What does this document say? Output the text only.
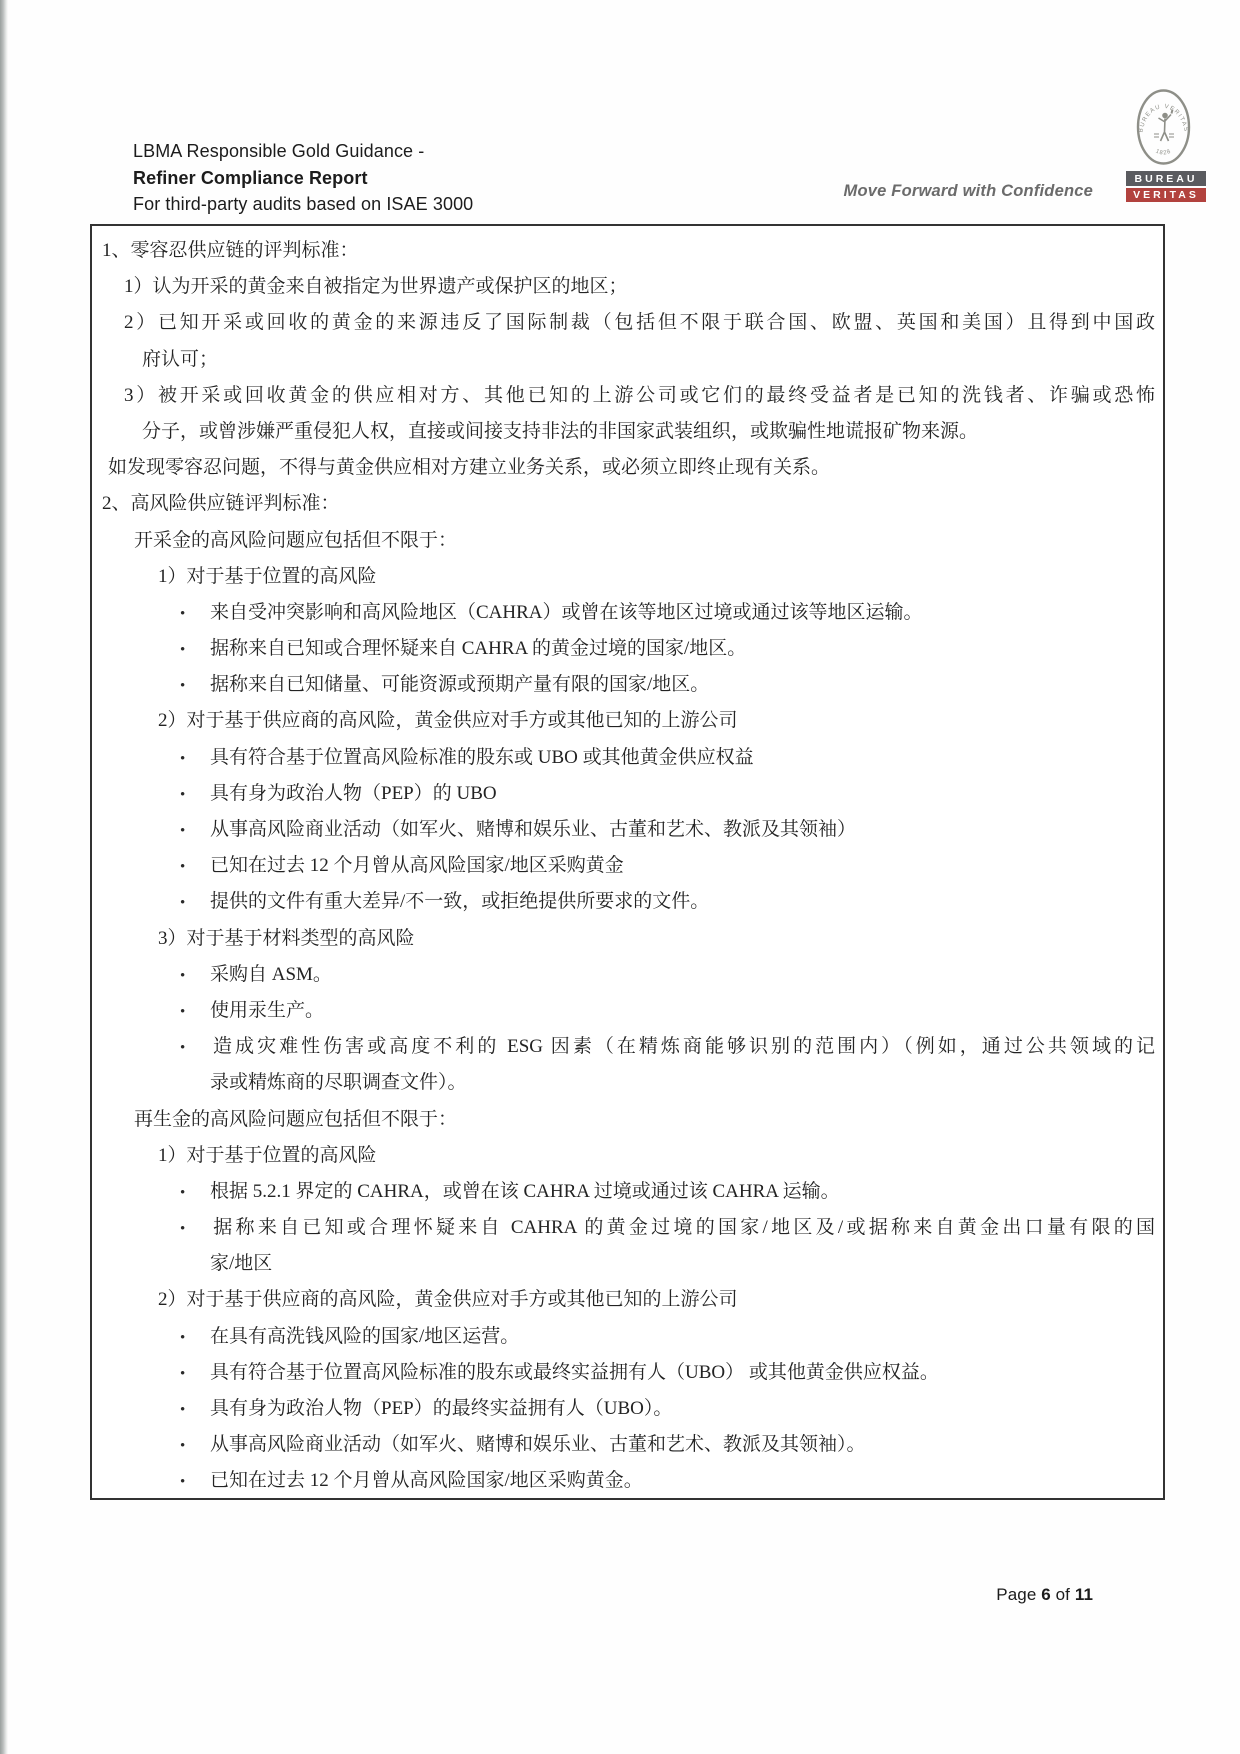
LBMA Responsible Gold Guidance -
Refiner Compliance Report
For third-party audits based on ISAE 3000
Move Forward with Confidence
BUREAU VERITAS
1828
BUREAU
VERITAS
1、零容忍供应链的评判标准：
1）认为开采的黄金来自被指定为世界遗产或保护区的地区；
2）已知开采或回收的黄金的来源违反了国际制裁（包括但不限于联合国、欧盟、英国和美国）且得到中国政
府认可；
3）被开采或回收黄金的供应相对方、其他已知的上游公司或它们的最终受益者是已知的洗钱者、诈骗或恐怖
分子，或曾涉嫌严重侵犯人权，直接或间接支持非法的非国家武装组织，或欺骗性地谎报矿物来源。
如发现零容忍问题，不得与黄金供应相对方建立业务关系，或必须立即终止现有关系。
2、高风险供应链评判标准：
开采金的高风险问题应包括但不限于：
1）对于基于位置的高风险
• 来自受冲突影响和高风险地区（CAHRA）或曾在该等地区过境或通过该等地区运输。
• 据称来自已知或合理怀疑来自 CAHRA 的黄金过境的国家/地区。
• 据称来自已知储量、可能资源或预期产量有限的国家/地区。
2）对于基于供应商的高风险，黄金供应对手方或其他已知的上游公司
• 具有符合基于位置高风险标准的股东或 UBO 或其他黄金供应权益
• 具有身为政治人物（PEP）的 UBO
• 从事高风险商业活动（如军火、赌博和娱乐业、古董和艺术、教派及其领袖）
• 已知在过去 12 个月曾从高风险国家/地区采购黄金
• 提供的文件有重大差异/不一致，或拒绝提供所要求的文件。
3）对于基于材料类型的高风险
• 采购自 ASM。
• 使用汞生产。
• 造成灾难性伤害或高度不利的 ESG 因素（在精炼商能够识别的范围内）（例如，通过公共领域的记
录或精炼商的尽职调查文件）。
再生金的高风险问题应包括但不限于：
1）对于基于位置的高风险
• 根据 5.2.1 界定的 CAHRA，或曾在该 CAHRA 过境或通过该 CAHRA 运输。
• 据称来自已知或合理怀疑来自 CAHRA 的黄金过境的国家/地区及/或据称来自黄金出口量有限的国
家/地区
2）对于基于供应商的高风险，黄金供应对手方或其他已知的上游公司
• 在具有高洗钱风险的国家/地区运营。
• 具有符合基于位置高风险标准的股东或最终实益拥有人（UBO） 或其他黄金供应权益。
• 具有身为政治人物（PEP）的最终实益拥有人（UBO）。
• 从事高风险商业活动（如军火、赌博和娱乐业、古董和艺术、教派及其领袖）。
• 已知在过去 12 个月曾从高风险国家/地区采购黄金。
Page 6 of 11
